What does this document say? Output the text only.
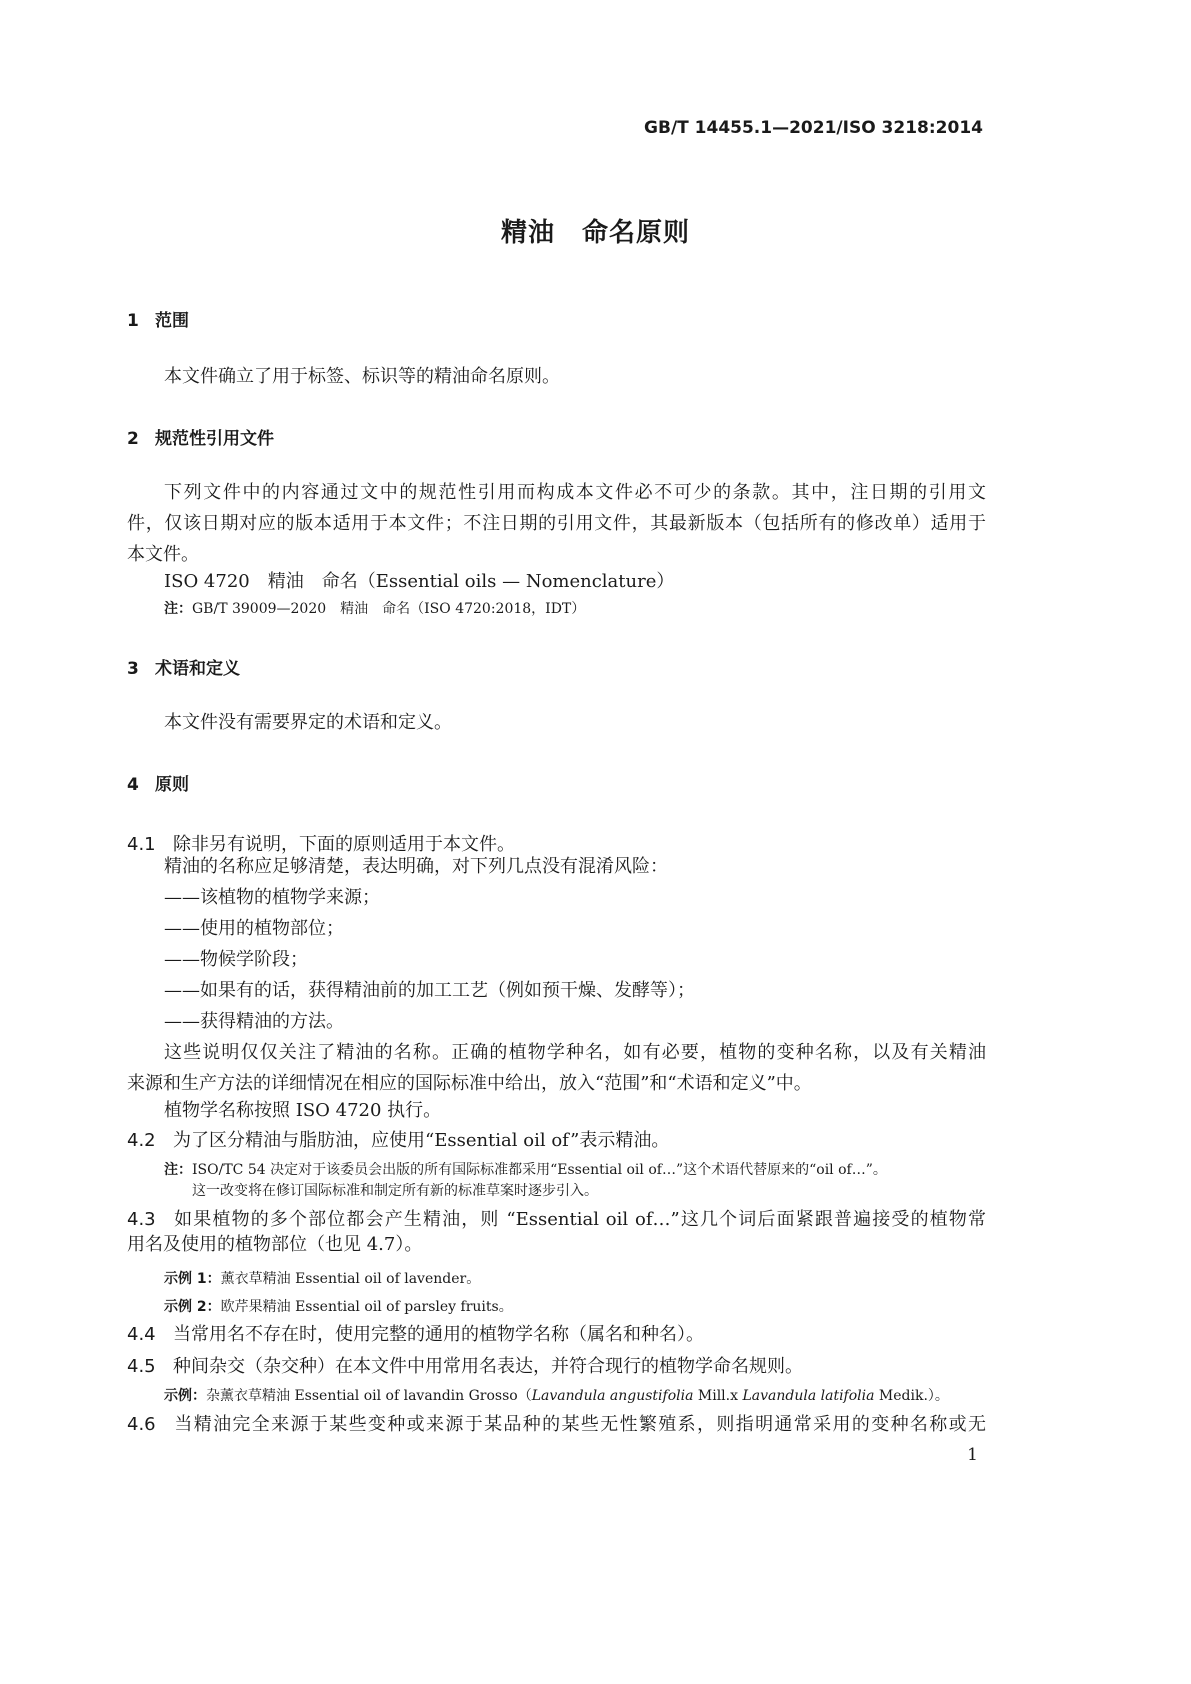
GB/T 14455.1—2021/ISO 3218:2014
精油　命名原则
1 范围
本文件确立了用于标签、标识等的精油命名原则。
2 规范性引用文件
下列文件中的内容通过文中的规范性引用而构成本文件必不可少的条款。其中，注日期的引用文
件，仅该日期对应的版本适用于本文件；不注日期的引用文件，其最新版本（包括所有的修改单）适用于
本文件。
ISO 4720　精油　命名（Essential oils — Nomenclature）
注：GB/T 39009—2020　精油　命名（ISO 4720:2018，IDT）
3 术语和定义
本文件没有需要界定的术语和定义。
4 原则
4.1 除非另有说明，下面的原则适用于本文件。
精油的名称应足够清楚，表达明确，对下列几点没有混淆风险：
——该植物的植物学来源；
——使用的植物部位；
——物候学阶段；
——如果有的话，获得精油前的加工工艺（例如预干燥、发酵等）；
——获得精油的方法。
这些说明仅仅关注了精油的名称。正确的植物学种名，如有必要，植物的变种名称，以及有关精油
来源和生产方法的详细情况在相应的国际标准中给出，放入“范围”和“术语和定义”中。
植物学名称按照 ISO 4720 执行。
4.2 为了区分精油与脂肪油，应使用“Essential oil of”表示精油。
注：ISO/TC 54 决定对于该委员会出版的所有国际标准都采用“Essential oil of…”这个术语代替原来的“oil of…”。
这一改变将在修订国际标准和制定所有新的标准草案时逐步引入。
4.3 如果植物的多个部位都会产生精油，则 “Essential oil of…”这几个词后面紧跟普遍接受的植物常
用名及使用的植物部位（也见 4.7）。
示例 1：薰衣草精油 Essential oil of lavender。
示例 2：欧芹果精油 Essential oil of parsley fruits。
4.4 当常用名不存在时，使用完整的通用的植物学名称（属名和种名）。
4.5 种间杂交（杂交种）在本文件中用常用名表达，并符合现行的植物学命名规则。
示例：杂薰衣草精油 Essential oil of lavandin Grosso（Lavandula angustifolia Mill.x Lavandula latifolia Medik.）。
4.6 当精油完全来源于某些变种或来源于某品种的某些无性繁殖系，则指明通常采用的变种名称或无
1
